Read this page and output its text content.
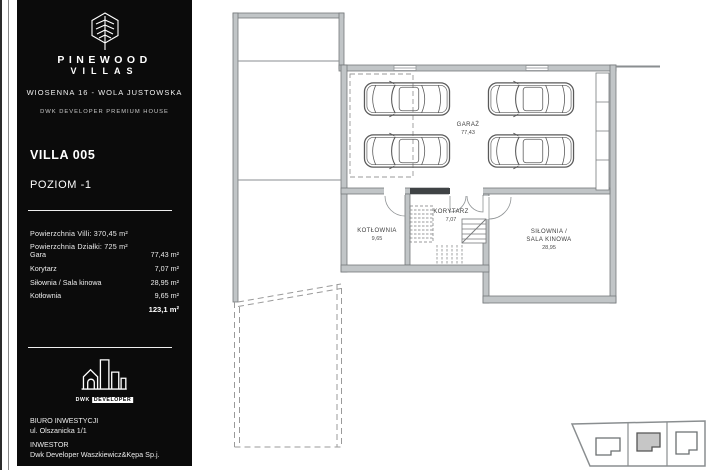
GARAŻ
77,43
KOTŁOWNIA
9,65
KORYTARZ
7,07
SIŁOWNIA /
SALA KINOWA
28,95
PINEWOOD
VILLAS
WIOSENNA 16 - WOLA JUSTOWSKA
DWK DEVELOPER PREMIUM HOUSE
VILLA 005
POZIOM -1
Powierzchnia Villi: 370,45 m²
Powierzchnia Działki: 725 m²
Gara	77,43 m²
Korytarz	7,07 m²
Siłownia / Sala kinowa	28,95 m²
Kotłownia	9,65 m²
123,1 m²
DWK DEVELOPER
BIURO INWESTYCJI
ul. Olszanicka 1/1
INWESTOR
Dwk Developer Waszkiewicz&Kępa Sp.j.
